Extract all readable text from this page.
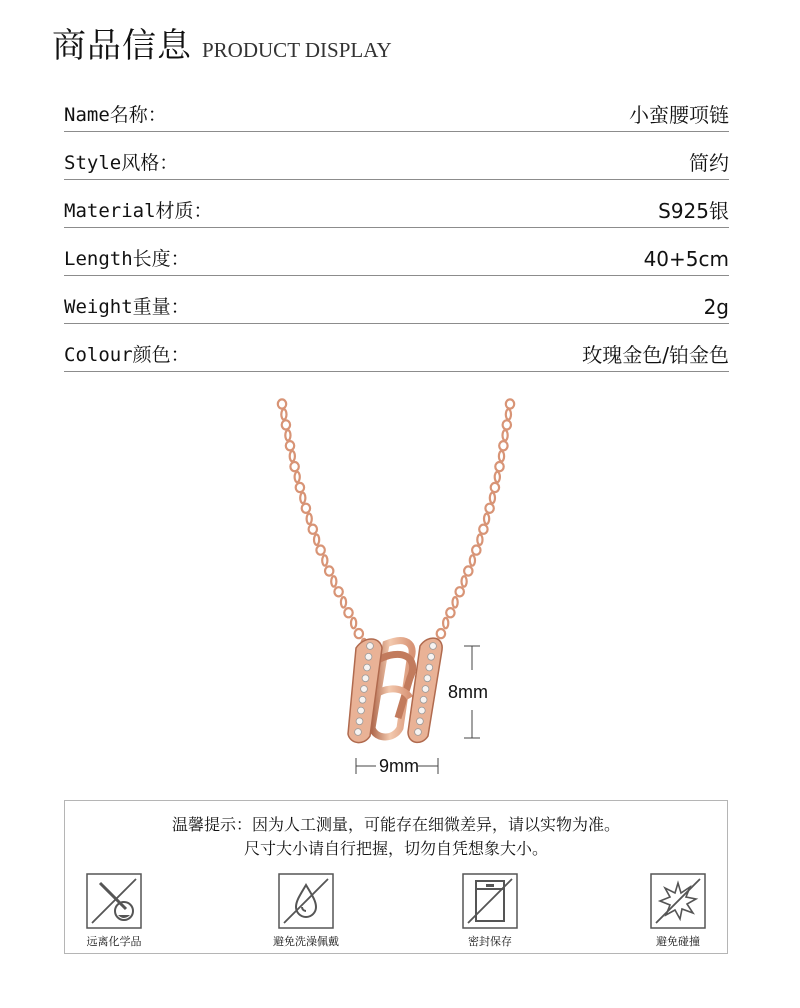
商品信息 PRODUCT DISPLAY
Name名称：	小蛮腰项链
Style风格：	简约
Material材质：	S925银
Length长度：	40+5cm
Weight重量：	2g
Colour颜色：	玫瑰金色/铂金色
8mm
9mm
温馨提示：因为人工测量，可能存在细微差异，请以实物为准。
尺寸大小请自行把握，切勿自凭想象大小。
远离化学品	避免洗澡佩戴	密封保存	避免碰撞
